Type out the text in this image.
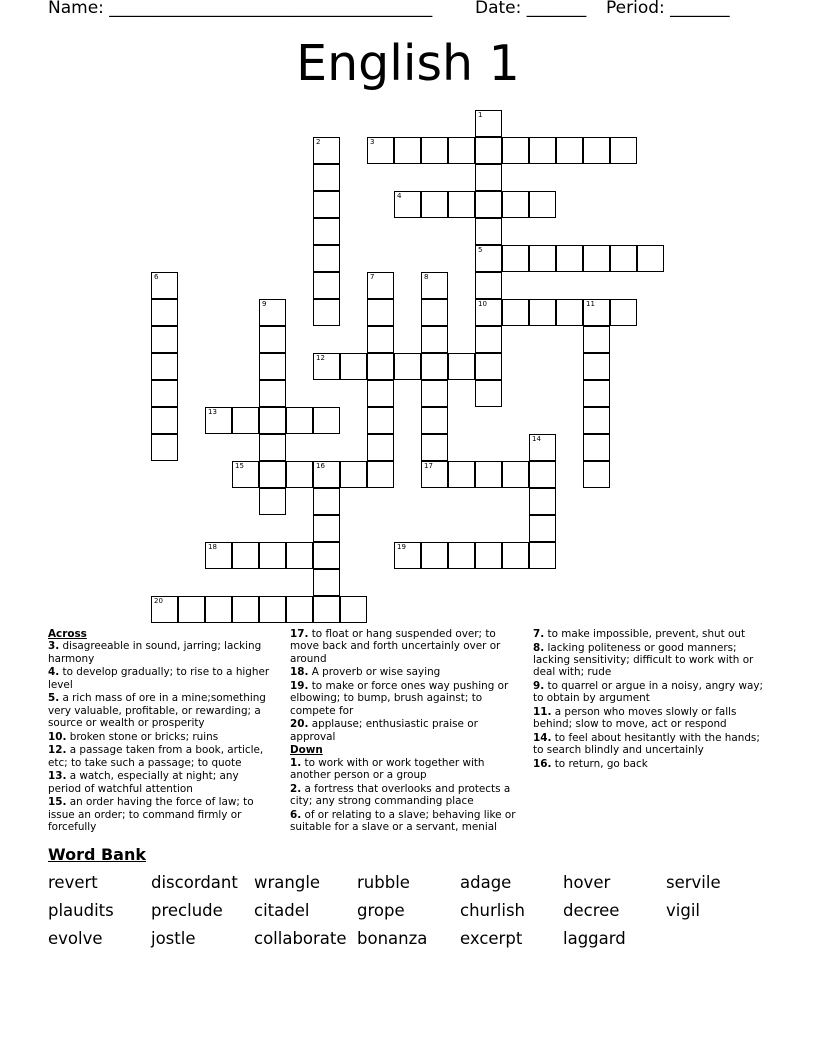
Name: ______________________________________	Date: _______ Period: _______
English 1
1
5
10
2	3
4
6	7	8
17
9	11
12
13
14
15	16
18	19
20
Across
3. disagreeable in sound, jarring; lacking harmony
4. to develop gradually; to rise to a higher level
5. a rich mass of ore in a mine;something very valuable, profitable, or rewarding; a source or wealth or prosperity
10. broken stone or bricks; ruins
12. a passage taken from a book, article, etc; to take such a passage; to quote
13. a watch, especially at night; any period of watchful attention
15. an order having the force of law; to issue an order; to command firmly or forcefully
17. to float or hang suspended over; to move back and forth uncertainly over or around
18. A proverb or wise saying
19. to make or force ones way pushing or elbowing; to bump, brush against; to compete for
20. applause; enthusiastic praise or approval
Down
1. to work with or work together with another person or a group
2. a fortress that overlooks and protects a city; any strong commanding place
6. of or relating to a slave; behaving like or suitable for a slave or a servant, menial
7. to make impossible, prevent, shut out
8. lacking politeness or good manners; lacking sensitivity; difficult to work with or deal with; rude
9. to quarrel or argue in a noisy, angry way; to obtain by argument
11. a person who moves slowly or falls behind; slow to move, act or respond
14. to feel about hesitantly with the hands; to search blindly and uncertainly
16. to return, go back
Word Bank
revert	discordant wrangle rubble	adage	hover	servile
plaudits preclude citadel	grope	churlish decree	vigil
evolve	jostle	collaborate bonanza excerpt laggard
